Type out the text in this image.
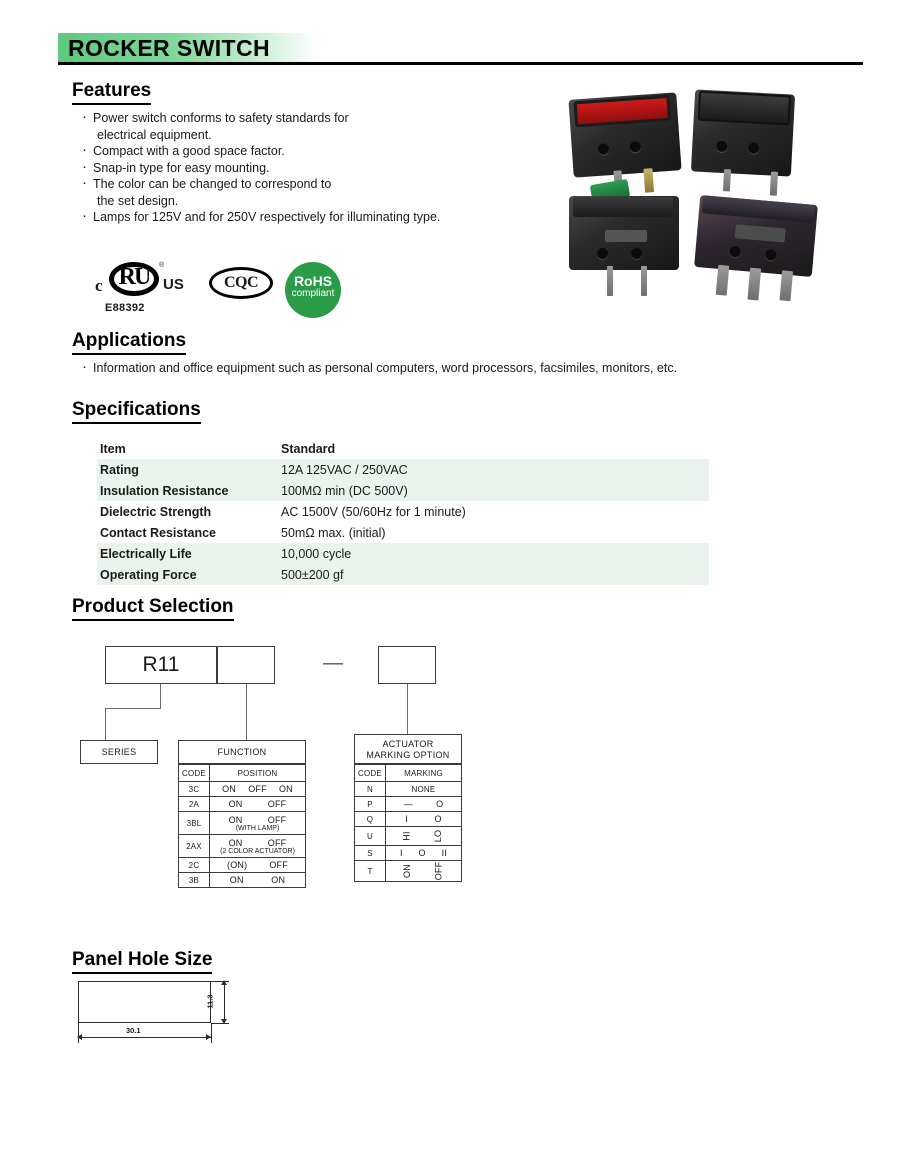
ROCKER SWITCH
Features
· Power switch conforms to safety standards for
electrical equipment.
· Compact with a good space factor.
· Snap-in type for easy mounting.
· The color can be changed to correspond to
the set design.
· Lamps for 125V and for 250V respectively for illuminating type.
c RU	®
US
E88392
CQC	RoHS
compliant
Applications
· Information and office equipment such as personal computers, word processors, facsimiles, monitors, etc.
Specifications
Item	Standard
Rating	12A 125VAC / 250VAC
Insulation Resistance	100MΩ min (DC 500V)
Dielectric Strength	AC 1500V (50/60Hz for 1 minute)
Contact Resistance	50mΩ max. (initial)
Electrically Life	10,000 cycle
Operating Force	500±200 gf
Product Selection
R11	—
SERIES	FUNCTION
ACTUATOR
MARKING OPTION
CODE	POSITION
3C	ON OFF ON

2A	ON OFF

3BL	ON OFF
(WITH LAMP)

2AX	ON OFF
(2 COLOR ACTUATOR)

2C	(ON) OFF

3B	ON ON
CODE	MARKING
N	NONE
P	— O

Q	I O

U	HI LO

S	I O II

T	ON OFF
Panel Hole Size
11.3
30.1
